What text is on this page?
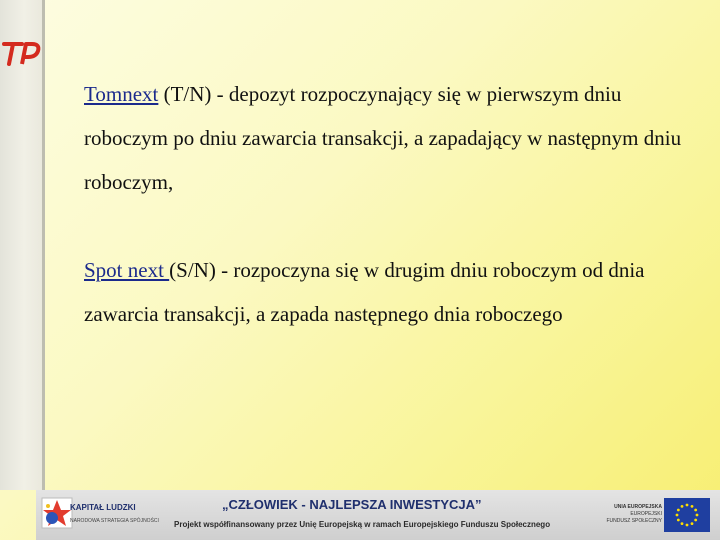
Tomnext (T/N) - depozyt rozpoczynający się w pierwszym dniu roboczym po dniu zawarcia transakcji, a zapadający w następnym dniu roboczym,

Spot next (S/N) - rozpoczyna się w drugim dniu roboczym od dnia zawarcia transakcji, a zapada następnego dnia roboczego

KAPITAŁ LUDZKI
NARODOWA STRATEGIA SPÓJNOŚCI
„CZŁOWIEK - NAJLEPSZA INWESTYCJA”
Projekt współfinansowany przez Unię Europejską w ramach Europejskiego Funduszu Społecznego
UNIA EUROPEJSKA
EUROPEJSKI
FUNDUSZ SPOŁECZNY
